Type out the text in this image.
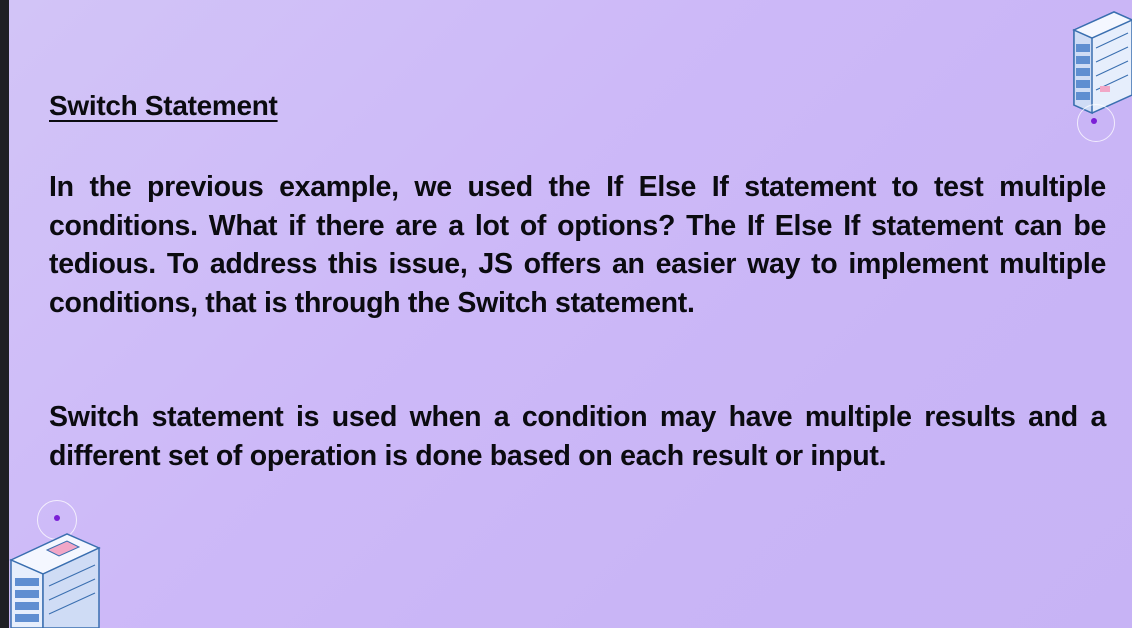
Switch Statement

In the previous example, we used the If Else If statement to test multiple conditions. What if there are a lot of options? The If Else If statement can be tedious. To address this issue, JS offers an easier way to implement multiple conditions, that is through the Switch statement.

Switch statement is used when a condition may have multiple results and a different set of operation is done based on each result or input.
